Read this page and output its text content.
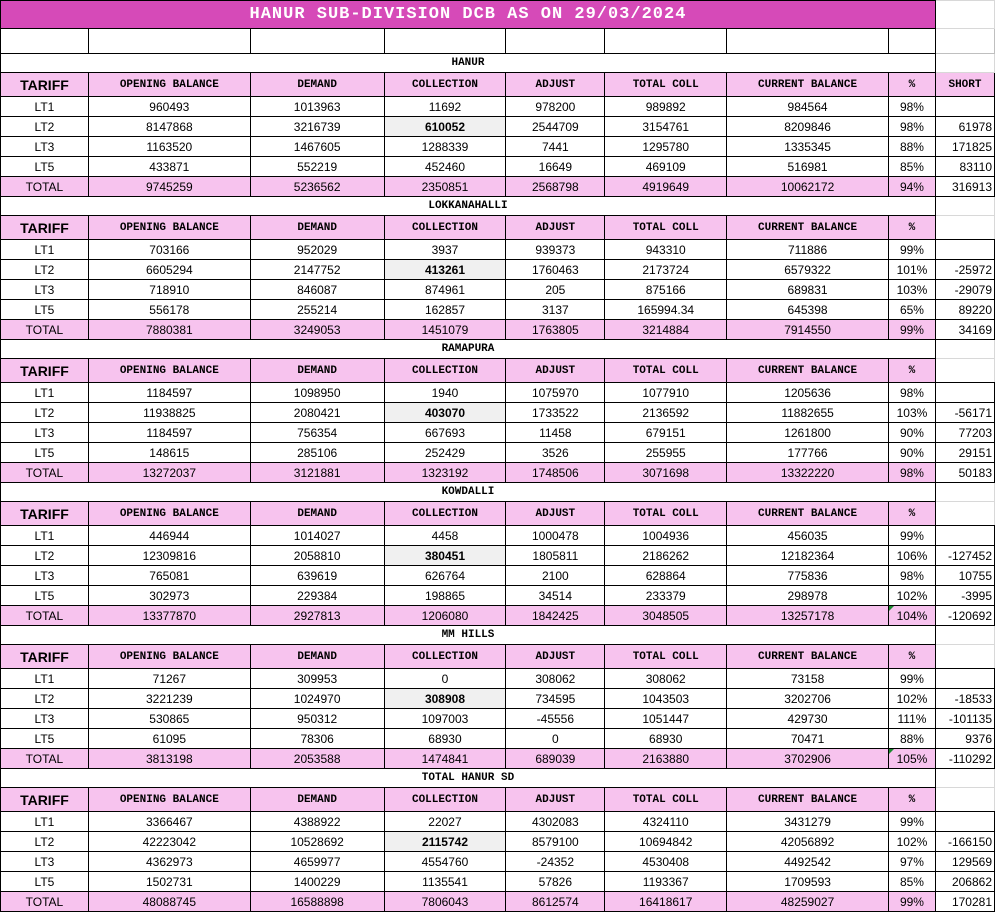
HANUR SUB-DIVISION DCB AS ON 29/03/2024								

HANUR								
TARIFF	OPENING BALANCE	DEMAND	COLLECTION	ADJUST	TOTAL COLL	CURRENT BALANCE	%	SHORT
LT1	960493	1013963	11692	978200	989892	984564	98%	
LT2	8147868	3216739	610052	2544709	3154761	8209846	98%	61978
LT3	1163520	1467605	1288339	7441	1295780	1335345	88%	171825
LT5	433871	552219	452460	16649	469109	516981	85%	83110
TOTAL	9745259	5236562	2350851	2568798	4919649	10062172	94%	316913
LOKKANAHALLI								
TARIFF	OPENING BALANCE	DEMAND	COLLECTION	ADJUST	TOTAL COLL	CURRENT BALANCE	%	
LT1	703166	952029	3937	939373	943310	711886	99%	
LT2	6605294	2147752	413261	1760463	2173724	6579322	101%	-25972
LT3	718910	846087	874961	205	875166	689831	103%	-29079
LT5	556178	255214	162857	3137	165994.34	645398	65%	89220
TOTAL	7880381	3249053	1451079	1763805	3214884	7914550	99%	34169
RAMAPURA								
TARIFF	OPENING BALANCE	DEMAND	COLLECTION	ADJUST	TOTAL COLL	CURRENT BALANCE	%	
LT1	1184597	1098950	1940	1075970	1077910	1205636	98%	
LT2	11938825	2080421	403070	1733522	2136592	11882655	103%	-56171
LT3	1184597	756354	667693	11458	679151	1261800	90%	77203
LT5	148615	285106	252429	3526	255955	177766	90%	29151
TOTAL	13272037	3121881	1323192	1748506	3071698	13322220	98%	50183
KOWDALLI								
TARIFF	OPENING BALANCE	DEMAND	COLLECTION	ADJUST	TOTAL COLL	CURRENT BALANCE	%	
LT1	446944	1014027	4458	1000478	1004936	456035	99%	
LT2	12309816	2058810	380451	1805811	2186262	12182364	106%	-127452
LT3	765081	639619	626764	2100	628864	775836	98%	10755
LT5	302973	229384	198865	34514	233379	298978	102%	-3995
TOTAL	13377870	2927813	1206080	1842425	3048505	13257178	104%	-120692
MM HILLS								
TARIFF	OPENING BALANCE	DEMAND	COLLECTION	ADJUST	TOTAL COLL	CURRENT BALANCE	%	
LT1	71267	309953	0	308062	308062	73158	99%	
LT2	3221239	1024970	308908	734595	1043503	3202706	102%	-18533
LT3	530865	950312	1097003	-45556	1051447	429730	111%	-101135
LT5	61095	78306	68930	0	68930	70471	88%	9376
TOTAL	3813198	2053588	1474841	689039	2163880	3702906	105%	-110292
TOTAL HANUR SD								
TARIFF	OPENING BALANCE	DEMAND	COLLECTION	ADJUST	TOTAL COLL	CURRENT BALANCE	%	
LT1	3366467	4388922	22027	4302083	4324110	3431279	99%	
LT2	42223042	10528692	2115742	8579100	10694842	42056892	102%	-166150
LT3	4362973	4659977	4554760	-24352	4530408	4492542	97%	129569
LT5	1502731	1400229	1135541	57826	1193367	1709593	85%	206862
TOTAL	48088745	16588898	7806043	8612574	16418617	48259027	99%	170281
